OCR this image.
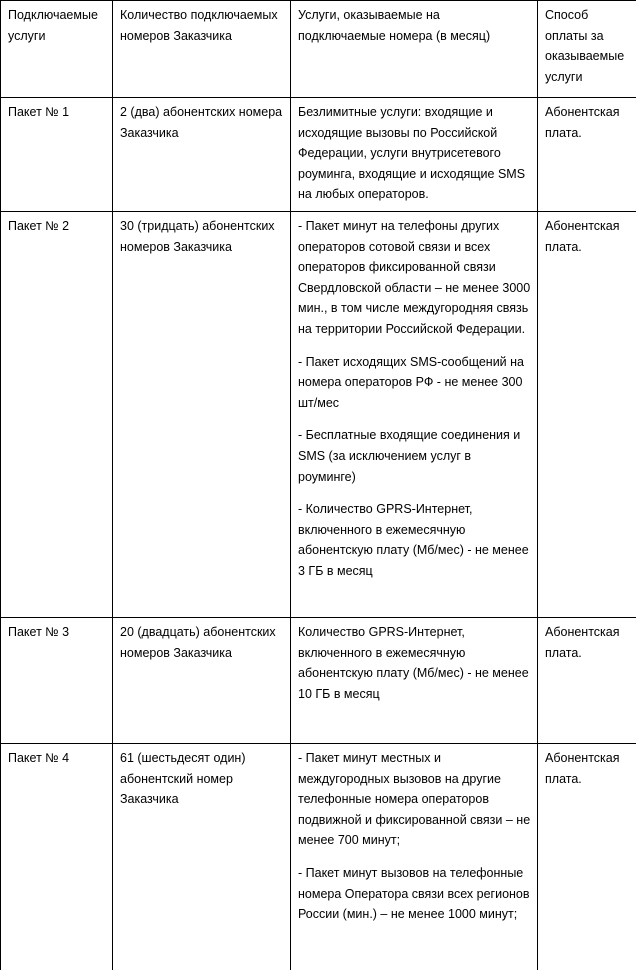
Подключаемые услуги	Количество подключаемых номеров Заказчика	Услуги, оказываемые на подключаемые номера (в месяц)	Способ оплаты за оказываемые услуги
Пакет № 1	2 (два) абонентских номера Заказчика	Безлимитные услуги: входящие и исходящие вызовы по Российской Федерации, услуги внутрисетевого роуминга, входящие и исходящие SMS на любых операторов.	Абонентская плата.
Пакет № 2	30 (тридцать) абонентских номеров Заказчика	- Пакет минут на телефоны других операторов сотовой связи и всех операторов фиксированной связи Свердловской области – не менее 3000 мин., в том числе междугородняя связь на территории Российской Федерации.

- Пакет исходящих SMS-сообщений на номера операторов РФ - не менее 300 шт/мес

- Бесплатные входящие соединения и SMS (за исключением услуг в роуминге)

- Количество GPRS-Интернет, включенного в ежемесячную абонентскую плату (Мб/мес) - не менее 3 ГБ в месяц	Абонентская плата.
Пакет № 3	20 (двадцать) абонентских номеров Заказчика	Количество GPRS-Интернет, включенного в ежемесячную абонентскую плату (Мб/мес) - не менее 10 ГБ в месяц	Абонентская плата.
Пакет № 4	61 (шестьдесят один) абонентский номер Заказчика	- Пакет минут местных и междугородных вызовов на другие телефонные номера операторов подвижной и фиксированной связи – не менее 700 минут;

- Пакет минут вызовов на телефонные номера Оператора связи всех регионов России (мин.) – не менее 1000 минут;	Абонентская плата.
